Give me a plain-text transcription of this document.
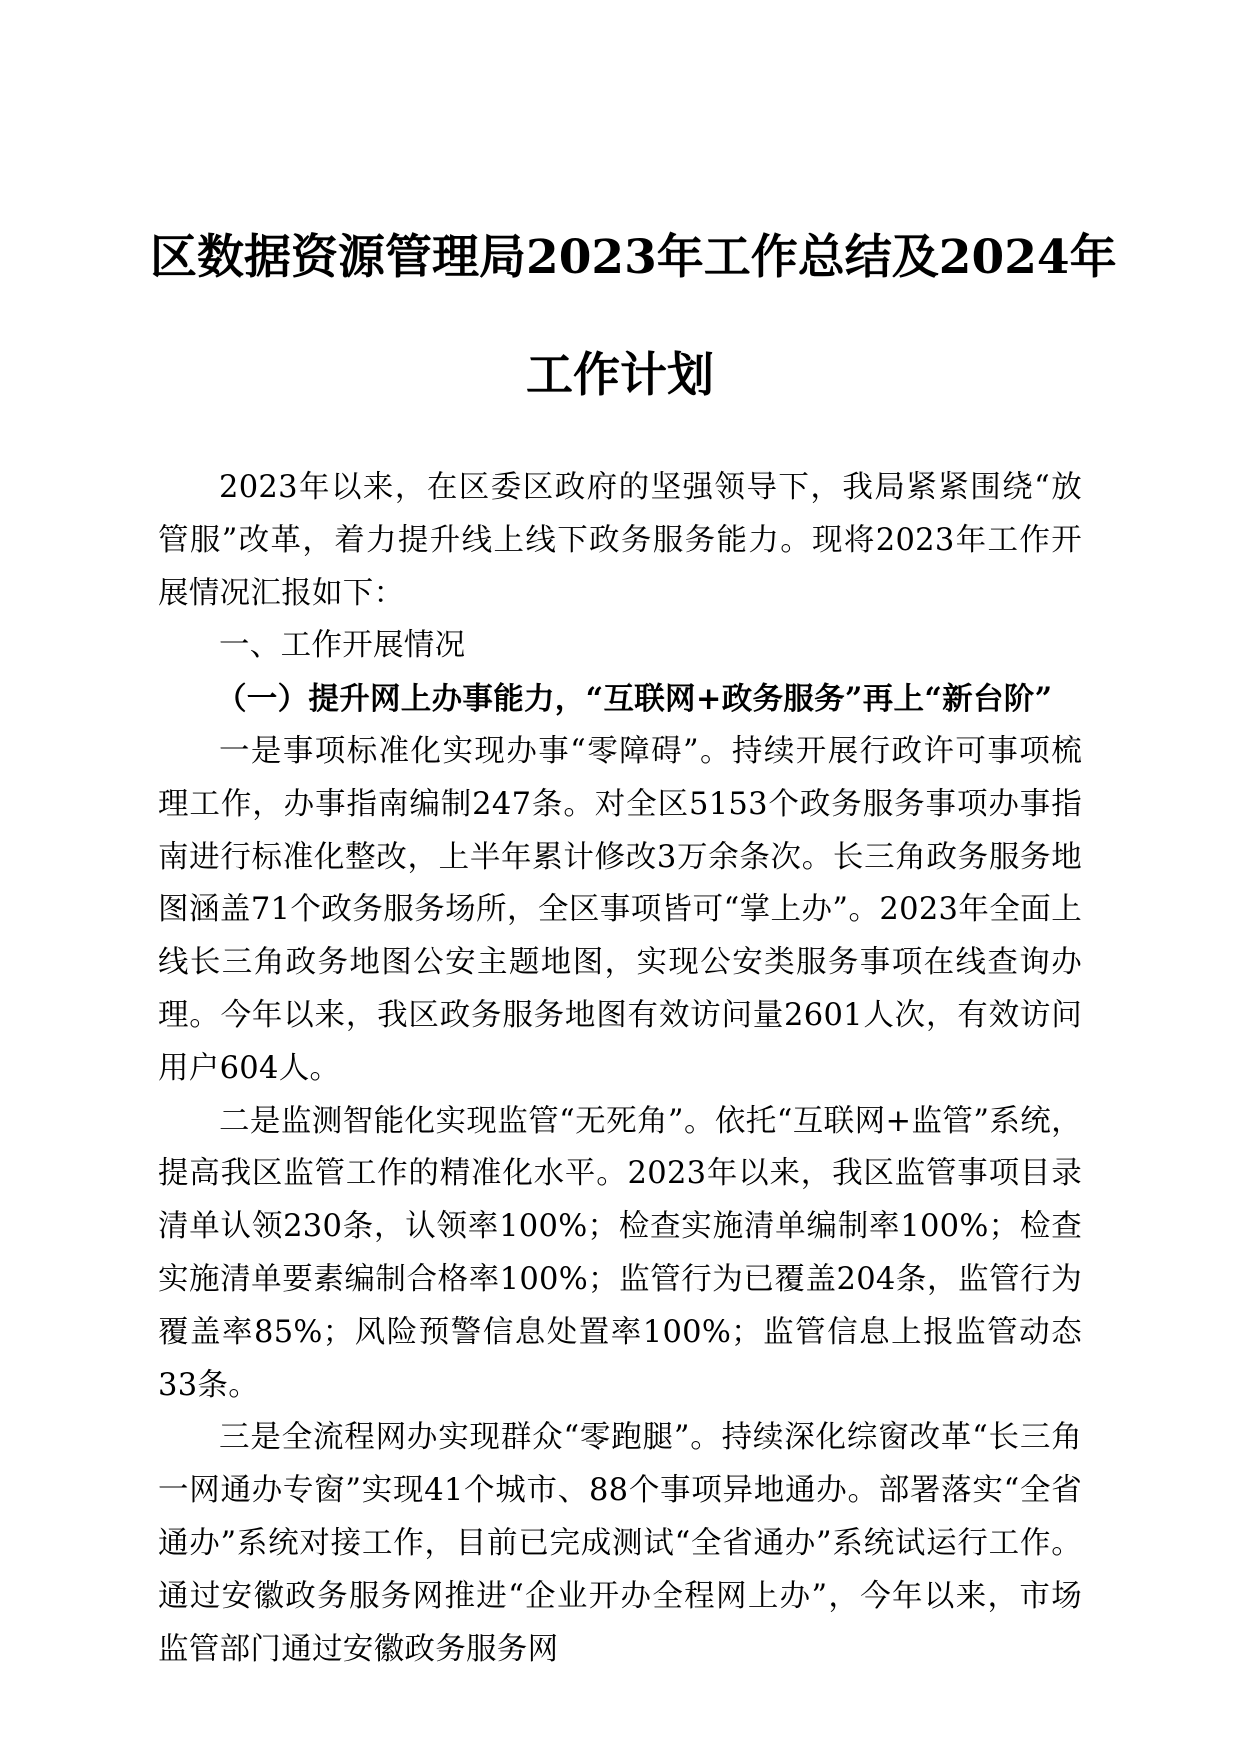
区数据资源管理局2023年工作总结及2024年
工作计划

2023年以来，在区委区政府的坚强领导下，我局紧紧围绕“放管服”改革，着力提升线上线下政务服务能力。现将2023年工作开展情况汇报如下：

一、工作开展情况

（一）提升网上办事能力，“互联网+政务服务”再上“新台阶”

一是事项标准化实现办事“零障碍”。持续开展行政许可事项梳理工作，办事指南编制247条。对全区5153个政务服务事项办事指南进行标准化整改，上半年累计修改3万余条次。长三角政务服务地图涵盖71个政务服务场所，全区事项皆可“掌上办”。2023年全面上线长三角政务地图公安主题地图，实现公安类服务事项在线查询办理。今年以来，我区政务服务地图有效访问量2601人次，有效访问用户604人。

二是监测智能化实现监管“无死角”。依托“互联网+监管”系统，提高我区监管工作的精准化水平。2023年以来，我区监管事项目录清单认领230条，认领率100%；检查实施清单编制率100%；检查实施清单要素编制合格率100%；监管行为已覆盖204条，监管行为覆盖率85%；风险预警信息处置率100%；监管信息上报监管动态33条。

三是全流程网办实现群众“零跑腿”。持续深化综窗改革“长三角一网通办专窗”实现41个城市、88个事项异地通办。部署落实“全省通办”系统对接工作，目前已完成测试“全省通办”系统试运行工作。通过安徽政务服务网推进“企业开办全程网上办”，今年以来，市场监管部门通过安徽政务服务网
